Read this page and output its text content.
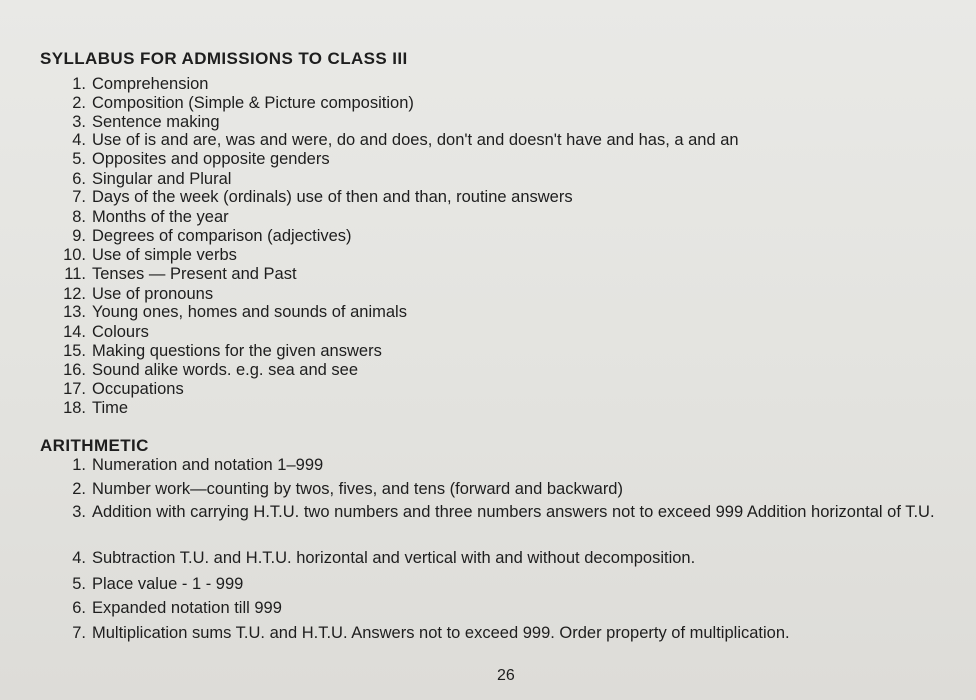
SYLLABUS FOR ADMISSIONS TO CLASS III
1. Comprehension
2. Composition (Simple & Picture composition)
3. Sentence making
4. Use of is and are, was and were, do and does, don't and doesn't have and has, a and an
5. Opposites and opposite genders
6. Singular and Plural
7. Days of the week (ordinals) use of then and than, routine answers
8. Months of the year
9. Degrees of comparison (adjectives)
10. Use of simple verbs
11. Tenses — Present and Past
12. Use of pronouns
13. Young ones, homes and sounds of animals
14. Colours
15. Making questions for the given answers
16. Sound alike words. e.g. sea and see
17. Occupations
18. Time
ARITHMETIC
1. Numeration and notation 1–999
2. Number work—counting by twos, fives, and tens (forward and backward)
3. Addition with carrying H.T.U. two numbers and three numbers answers not to exceed 999 Addition horizontal of T.U.
4. Subtraction T.U. and H.T.U. horizontal and vertical with and without decomposition.
5. Place value - 1 - 999
6. Expanded notation till 999
7. Multiplication sums T.U. and H.T.U. Answers not to exceed 999. Order property of multiplication.
26
